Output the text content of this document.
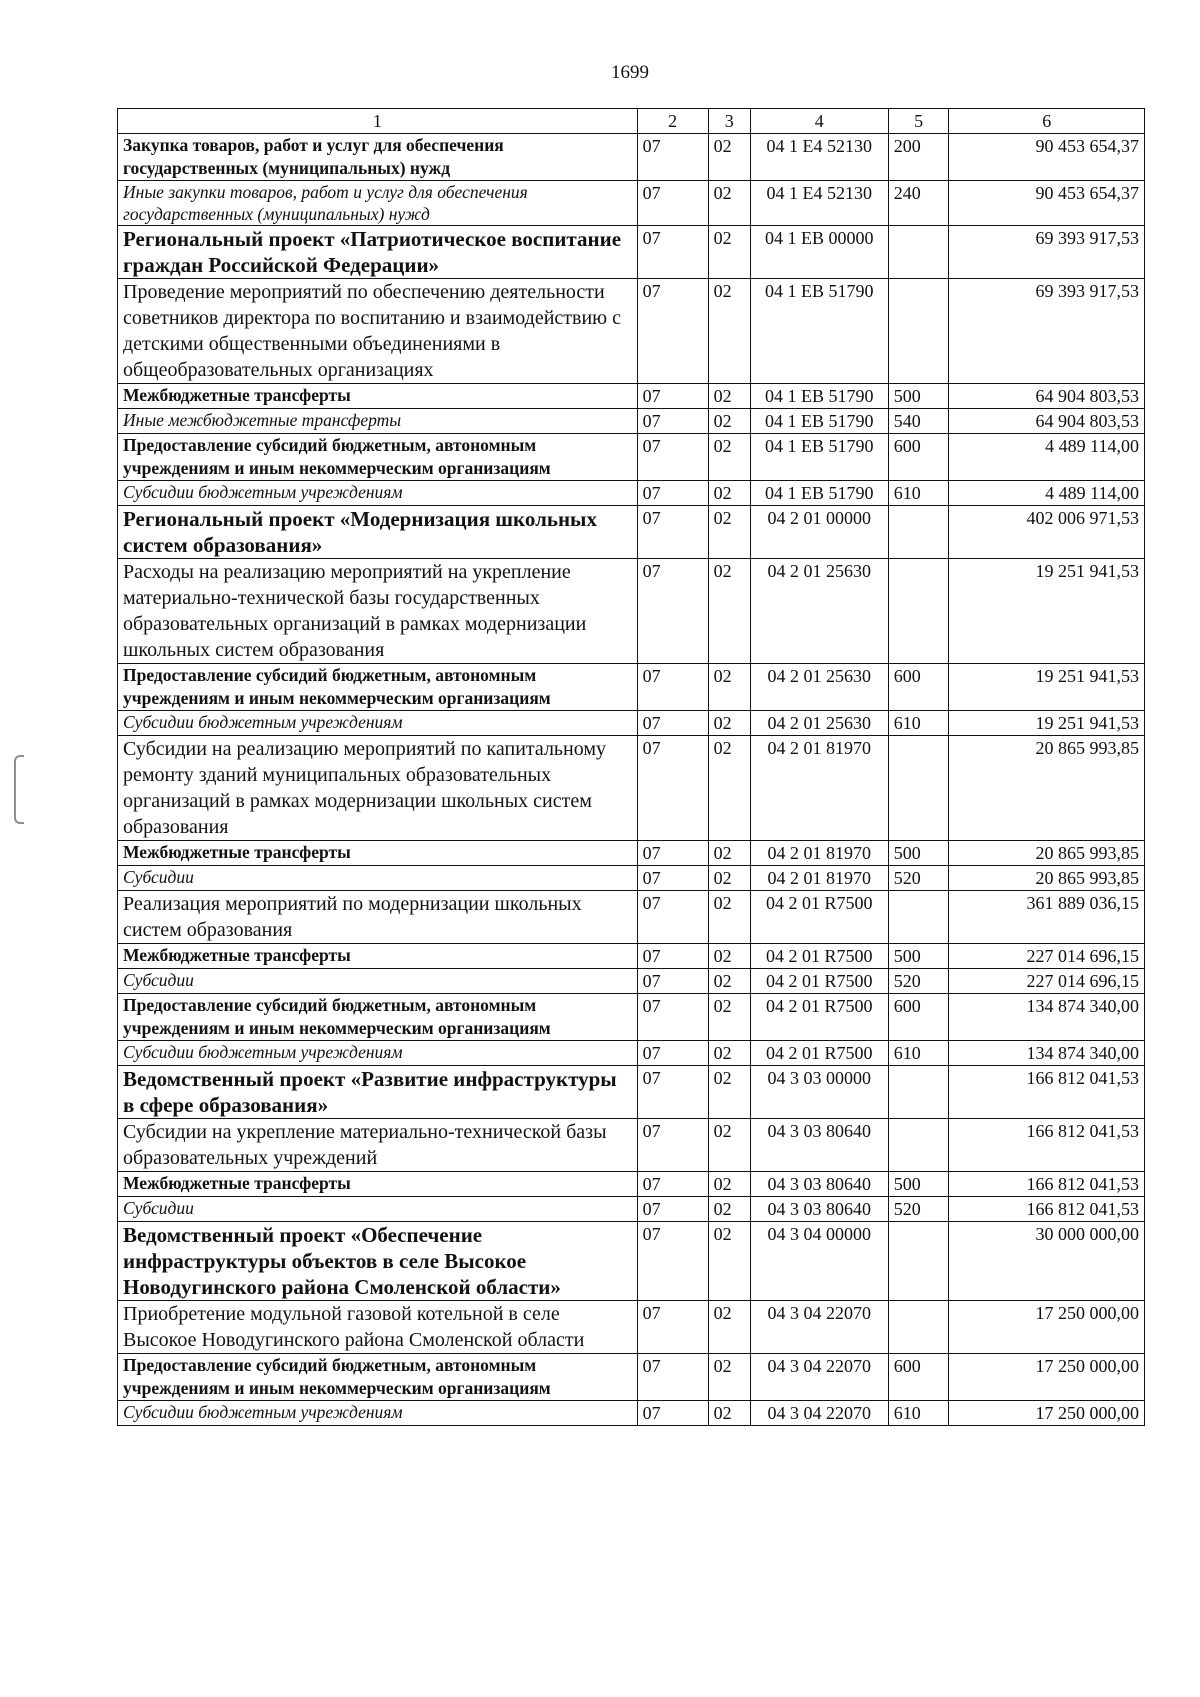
1699
1	2	3	4	5	6
Закупка товаров, работ и услуг для обеспечения государственных (муниципальных) нужд	07	02	04 1 Е4 52130	200	90 453 654,37
Иные закупки товаров, работ и услуг для обеспечения государственных (муниципальных) нужд	07	02	04 1 Е4 52130	240	90 453 654,37
Региональный проект «Патриотическое воспитание граждан Российской Федерации»	07	02	04 1 ЕВ 00000		69 393 917,53
Проведение мероприятий по обеспечению деятельности советников директора по воспитанию и взаимодействию с детскими общественными объединениями в общеобразовательных организациях	07	02	04 1 ЕВ 51790		69 393 917,53
Межбюджетные трансферты	07	02	04 1 ЕВ 51790	500	64 904 803,53
Иные межбюджетные трансферты	07	02	04 1 ЕВ 51790	540	64 904 803,53
Предоставление субсидий бюджетным, автономным учреждениям и иным некоммерческим организациям	07	02	04 1 ЕВ 51790	600	4 489 114,00
Субсидии бюджетным учреждениям	07	02	04 1 ЕВ 51790	610	4 489 114,00
Региональный проект «Модернизация школьных систем образования»	07	02	04 2 01 00000		402 006 971,53
Расходы на реализацию мероприятий на укрепление материально-технической базы государственных образовательных организаций в рамках модернизации школьных систем образования	07	02	04 2 01 25630		19 251 941,53
Предоставление субсидий бюджетным, автономным учреждениям и иным некоммерческим организациям	07	02	04 2 01 25630	600	19 251 941,53
Субсидии бюджетным учреждениям	07	02	04 2 01 25630	610	19 251 941,53
Субсидии на реализацию мероприятий по капитальному ремонту зданий муниципальных образовательных организаций в рамках модернизации школьных систем образования	07	02	04 2 01 81970		20 865 993,85
Межбюджетные трансферты	07	02	04 2 01 81970	500	20 865 993,85
Субсидии	07	02	04 2 01 81970	520	20 865 993,85
Реализация мероприятий по модернизации школьных систем образования	07	02	04 2 01 R7500		361 889 036,15
Межбюджетные трансферты	07	02	04 2 01 R7500	500	227 014 696,15
Субсидии	07	02	04 2 01 R7500	520	227 014 696,15
Предоставление субсидий бюджетным, автономным учреждениям и иным некоммерческим организациям	07	02	04 2 01 R7500	600	134 874 340,00
Субсидии бюджетным учреждениям	07	02	04 2 01 R7500	610	134 874 340,00
Ведомственный проект «Развитие инфраструктуры в сфере образования»	07	02	04 3 03 00000		166 812 041,53
Субсидии на укрепление материально-технической базы образовательных учреждений	07	02	04 3 03 80640		166 812 041,53
Межбюджетные трансферты	07	02	04 3 03 80640	500	166 812 041,53
Субсидии	07	02	04 3 03 80640	520	166 812 041,53
Ведомственный проект «Обеспечение инфраструктуры объектов в селе Высокое Новодугинского района Смоленской области»	07	02	04 3 04 00000		30 000 000,00
Приобретение модульной газовой котельной в селе Высокое Новодугинского района Смоленской области	07	02	04 3 04 22070		17 250 000,00
Предоставление субсидий бюджетным, автономным учреждениям и иным некоммерческим организациям	07	02	04 3 04 22070	600	17 250 000,00
Субсидии бюджетным учреждениям	07	02	04 3 04 22070	610	17 250 000,00
